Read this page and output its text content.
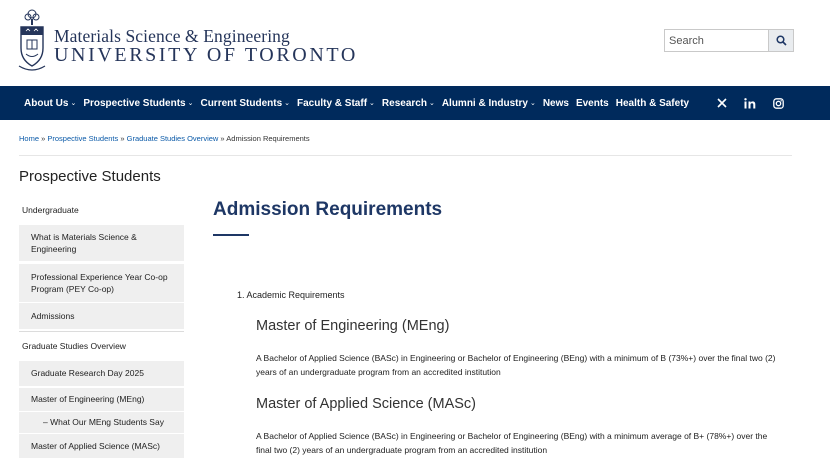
Materials Science & Engineering
UNIVERSITY OF TORONTO
Search
About Us ⌄ Prospective Students ⌄ Current Students ⌄ Faculty & Staff ⌄ Research ⌄ Alumni & Industry ⌄ News Events Health & Safety
Home » Prospective Students » Graduate Studies Overview » Admission Requirements
Prospective Students
Undergraduate
What is Materials Science & Engineering
Professional Experience Year Co-op Program (PEY Co-op)
Admissions
Graduate Studies Overview
Graduate Research Day 2025
Master of Engineering (MEng)
– What Our MEng Students Say
Master of Applied Science (MASc)
Admission Requirements
1. Academic Requirements
Master of Engineering (MEng)
A Bachelor of Applied Science (BASc) in Engineering or Bachelor of Engineering (BEng) with a minimum of B (73%+) over the final two (2) years of an undergraduate program from an accredited institution
Master of Applied Science (MASc)
A Bachelor of Applied Science (BASc) in Engineering or Bachelor of Engineering (BEng) with a minimum average of B+ (78%+) over the final two (2) years of an undergraduate program from an accredited institution
